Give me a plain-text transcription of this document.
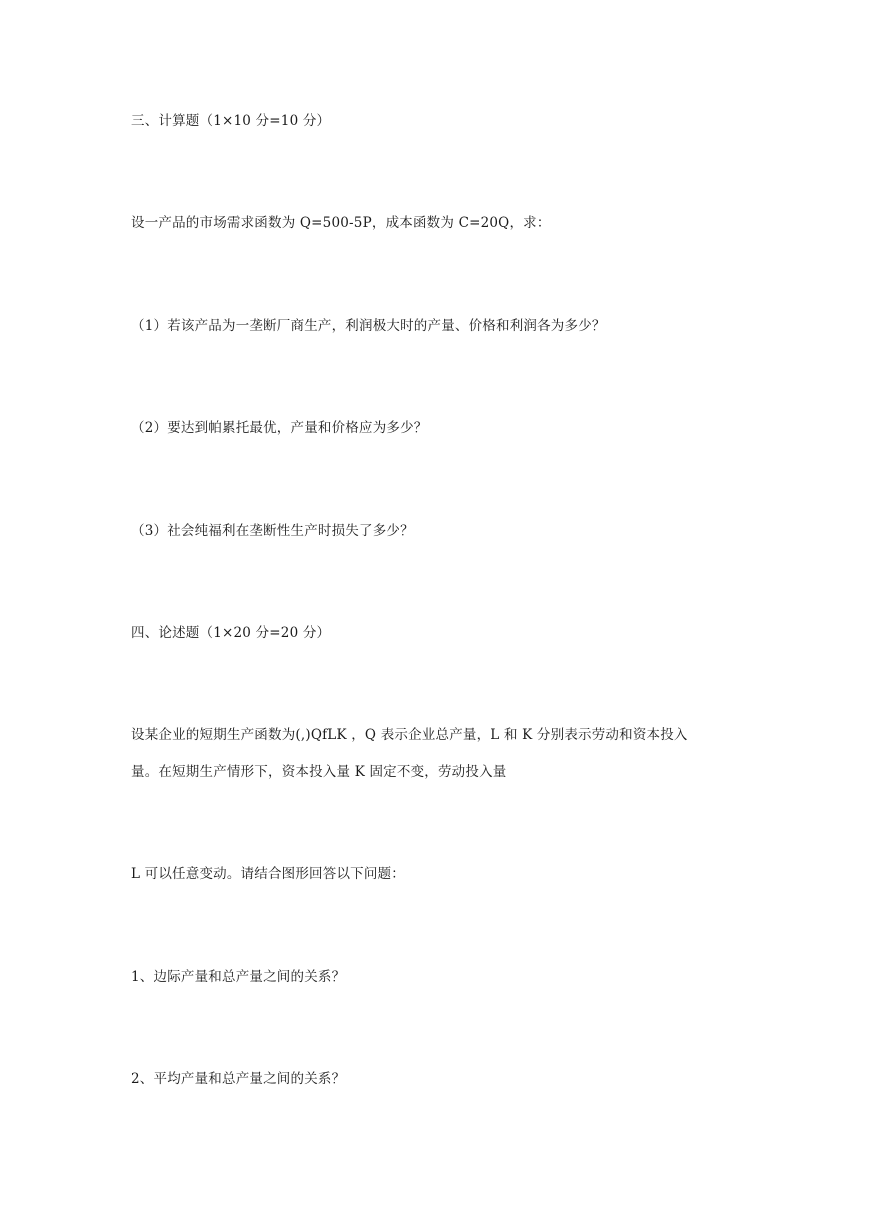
三、计算题（1×10 分=10 分）
设一产品的市场需求函数为 Q=500-5P，成本函数为 C=20Q，求：
（1）若该产品为一垄断厂商生产，利润极大时的产量、价格和利润各为多少？
（2）要达到帕累托最优，产量和价格应为多少？
（3）社会纯福利在垄断性生产时损失了多少？
四、论述题（1×20 分=20 分）
设某企业的短期生产函数为(,)QfLK ，Q 表示企业总产量，L 和 K 分别表示劳动和资本投入
量。在短期生产情形下，资本投入量 K 固定不变，劳动投入量
L 可以任意变动。请结合图形回答以下问题：
1、边际产量和总产量之间的关系？
2、平均产量和总产量之间的关系？
